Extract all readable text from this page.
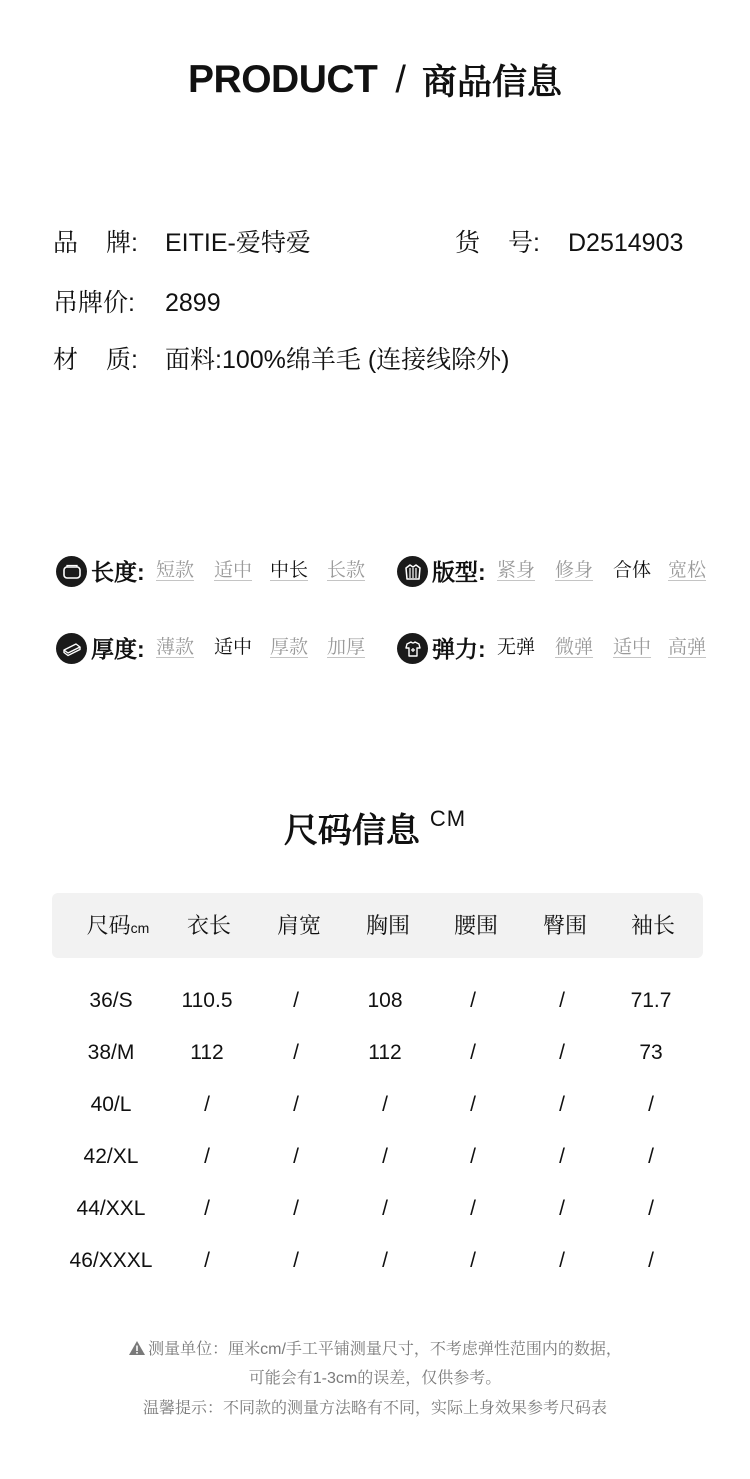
PRODUCT / 商品信息
品 牌:	EITIE-爱特爱	货 号:	D2514903
吊牌价:	2899
材 质:	面料:100%绵羊毛 (连接线除外)
长度: 短款 适中 中长 长款	版型: 紧身 修身 合体 宽松
厚度: 薄款 适中 厚款 加厚	弹力: 无弹 微弹 适中 高弹
尺码信息 CM
尺码cm 衣长 肩宽 胸围 腰围 臀围 袖长
36/S 110.5	/	108	/	/	71.7
38/M	112	/	112	/	/	73
40/L	/	/	/	/	/	/
42/XL	/	/	/	/	/	/
44/XXL	/	/	/	/	/	/
46/XXXL /	/	/	/	/	/
测量单位：厘米cm/手工平铺测量尺寸，不考虑弹性范围内的数据，
可能会有1-3cm的误差，仅供参考。
温馨提示：不同款的测量方法略有不同，实际上身效果参考尺码表
